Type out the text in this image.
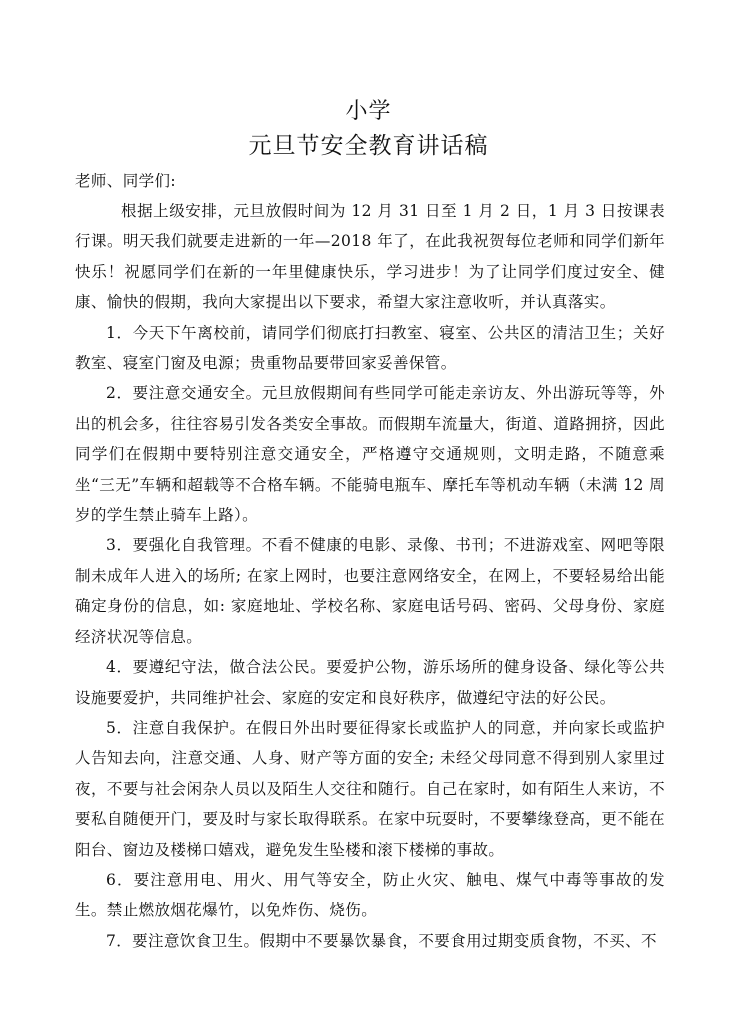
小学
元旦节安全教育讲话稿
老师、同学们:

根据上级安排，元旦放假时间为 12 月 31 日至 1 月 2 日，1 月 3 日按课表行课。明天我们就要走进新的一年—2018 年了，在此我祝贺每位老师和同学们新年快乐！祝愿同学们在新的一年里健康快乐，学习进步！为了让同学们度过安全、健康、愉快的假期，我向大家提出以下要求，希望大家注意收听，并认真落实。

1．今天下午离校前，请同学们彻底打扫教室、寝室、公共区的清洁卫生；关好教室、寝室门窗及电源；贵重物品要带回家妥善保管。

2．要注意交通安全。元旦放假期间有些同学可能走亲访友、外出游玩等等，外出的机会多，往往容易引发各类安全事故。而假期车流量大，街道、道路拥挤，因此同学们在假期中要特别注意交通安全，严格遵守交通规则，文明走路，不随意乘坐“三无”车辆和超载等不合格车辆。不能骑电瓶车、摩托车等机动车辆（未满 12 周岁的学生禁止骑车上路）。

3．要强化自我管理。不看不健康的电影、录像、书刊；不进游戏室、网吧等限制未成年人进入的场所; 在家上网时，也要注意网络安全，在网上，不要轻易给出能确定身份的信息，如: 家庭地址、学校名称、家庭电话号码、密码、父母身份、家庭经济状况等信息。

4．要遵纪守法，做合法公民。要爱护公物，游乐场所的健身设备、绿化等公共设施要爱护，共同维护社会、家庭的安定和良好秩序，做遵纪守法的好公民。

5．注意自我保护。在假日外出时要征得家长或监护人的同意，并向家长或监护人告知去向，注意交通、人身、财产等方面的安全; 未经父母同意不得到别人家里过夜，不要与社会闲杂人员以及陌生人交往和随行。自己在家时，如有陌生人来访，不要私自随便开门，要及时与家长取得联系。在家中玩耍时，不要攀缘登高，更不能在阳台、窗边及楼梯口嬉戏，避免发生坠楼和滚下楼梯的事故。

6．要注意用电、用火、用气等安全，防止火灾、触电、煤气中毒等事故的发生。禁止燃放烟花爆竹，以免炸伤、烧伤。

7．要注意饮食卫生。假期中不要暴饮暴食，不要食用过期变质食物，不买、不
